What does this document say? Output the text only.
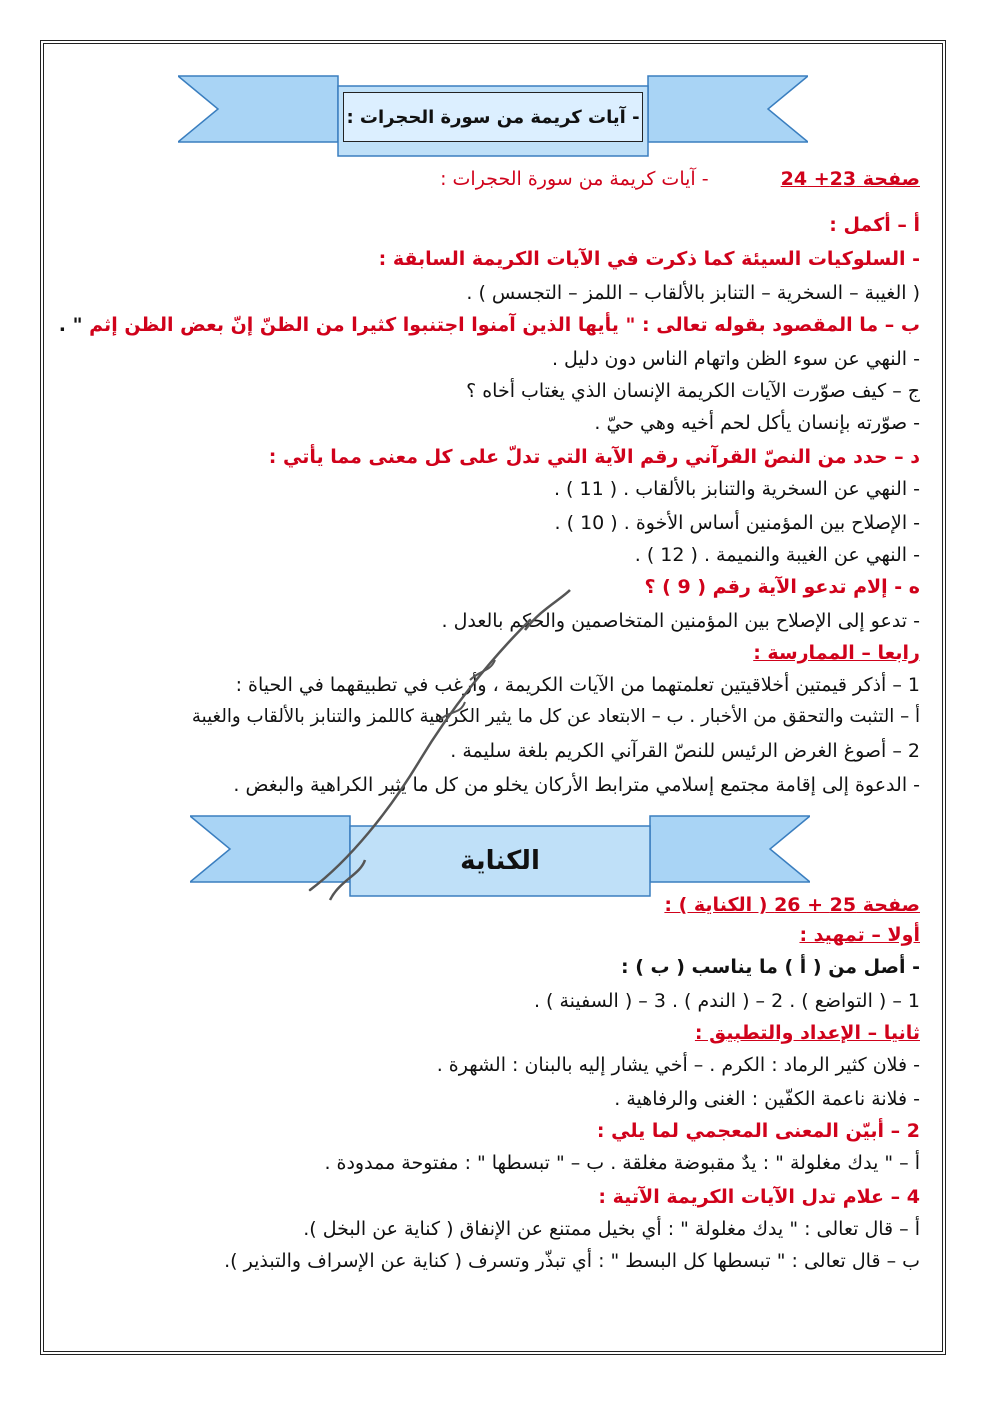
- آيات كريمة من سورة الحجرات :
صفحة 23+ 24  - آيات كريمة من سورة الحجرات :
أ – أكمل :
- السلوكيات السيئة كما ذكرت في الآيات الكريمة السابقة :
( الغيبة – السخرية – التنابز بالألقاب – اللمز – التجسس ) .
ب – ما المقصود بقوله تعالى : " يأيها الذين آمنوا اجتنبوا كثيرا من الظنّ إنّ بعض الظن إثم " .
- النهي عن سوء الظن واتهام الناس دون دليل .
ج – كيف صوّرت الآيات الكريمة الإنسان الذي يغتاب أخاه ؟
- صوّرته بإنسان يأكل لحم أخيه وهي حيّ .
د – حدد من النصّ القرآني رقم الآية التي تدلّ على كل معنى مما يأتي :
- النهي عن السخرية والتنابز بالألقاب . ( 11 ) .
- الإصلاح بين المؤمنين أساس الأخوة . ( 10 ) .
- النهي عن الغيبة والنميمة . ( 12 ) .
ه - إلام تدعو الآية رقم ( 9 ) ؟
- تدعو إلى الإصلاح بين المؤمنين المتخاصمين والحكم بالعدل .
رابعا – الممارسة :
1 – أذكر قيمتين أخلاقيتين تعلمتهما من الآيات الكريمة ، وأرغب في تطبيقهما في الحياة :
أ – التثبت والتحقق من الأخبار . ب – الابتعاد عن كل ما يثير الكراهية كاللمز والتنابز بالألقاب والغيبة
2 – أصوغ الغرض الرئيس للنصّ القرآني الكريم بلغة سليمة .
- الدعوة إلى إقامة مجتمع إسلامي مترابط الأركان يخلو من كل ما يثير الكراهية والبغض .
الكناية
صفحة 25 + 26 ( الكناية ) :
أولا – تمهيد :
- أصل من ( أ ) ما يناسب ( ب ) :
1 – ( التواضع ) . 2 – ( الندم ) . 3 – ( السفينة ) .
ثانيا – الإعداد والتطبيق :
- فلان كثير الرماد : الكرم . – أخي يشار إليه بالبنان : الشهرة .
- فلانة ناعمة الكفّين : الغنى والرفاهية .
2 – أبيّن المعنى المعجمي لما يلي :
أ – " يدك مغلولة " : يدٌ مقبوضة مغلقة . ب – " تبسطها " : مفتوحة ممدودة .
4 – علام تدل الآيات الكريمة الآتية :
أ – قال تعالى : " يدك مغلولة " : أي بخيل ممتنع عن الإنفاق ( كناية عن البخل ).
ب – قال تعالى : " تبسطها كل البسط " : أي تبذّر وتسرف ( كناية عن الإسراف والتبذير ).
